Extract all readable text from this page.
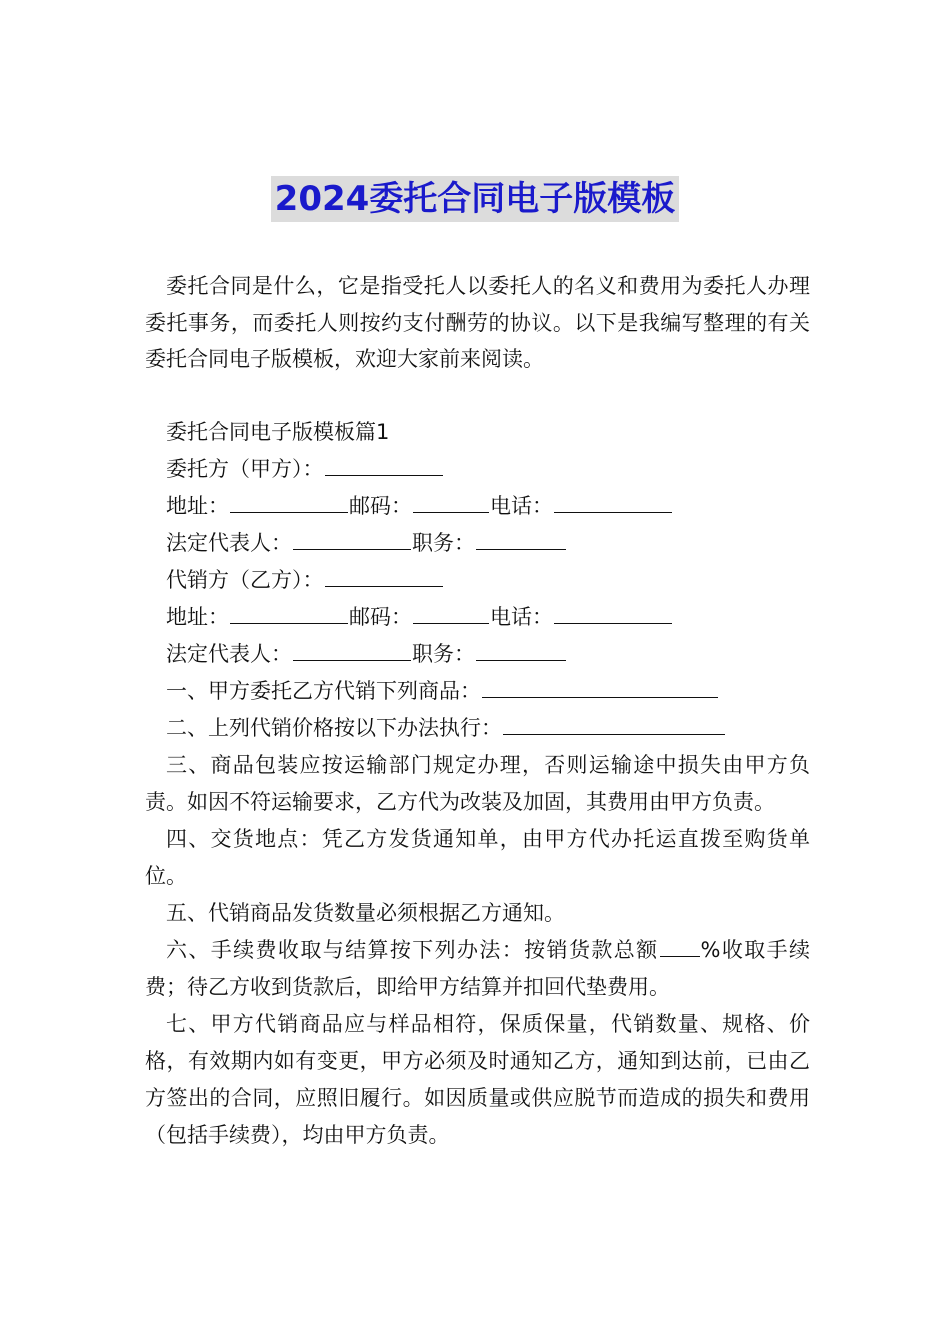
2024委托合同电子版模板

委托合同是什么，它是指受托人以委托人的名义和费用为委托人办理委托事务，而委托人则按约支付酬劳的协议。以下是我编写整理的有关委托合同电子版模板，欢迎大家前来阅读。

委托合同电子版模板篇1

委托方（甲方）：

地址：	邮码：	电话：

法定代表人：	职务：

代销方（乙方）：

地址：	邮码：	电话：

法定代表人：	职务：

一、甲方委托乙方代销下列商品：

二、上列代销价格按以下办法执行：

三、商品包装应按运输部门规定办理，否则运输途中损失由甲方负责。如因不符运输要求，乙方代为改装及加固，其费用由甲方负责。

四、交货地点：凭乙方发货通知单，由甲方代办托运直拨至购货单位。

五、代销商品发货数量必须根据乙方通知。

六、手续费收取与结算按下列办法：按销货款总额 %收取手续费；待乙方收到货款后，即给甲方结算并扣回代垫费用。

七、甲方代销商品应与样品相符，保质保量，代销数量、规格、价格，有效期内如有变更，甲方必须及时通知乙方，通知到达前，已由乙方签出的合同，应照旧履行。如因质量或供应脱节而造成的损失和费用（包括手续费），均由甲方负责。
